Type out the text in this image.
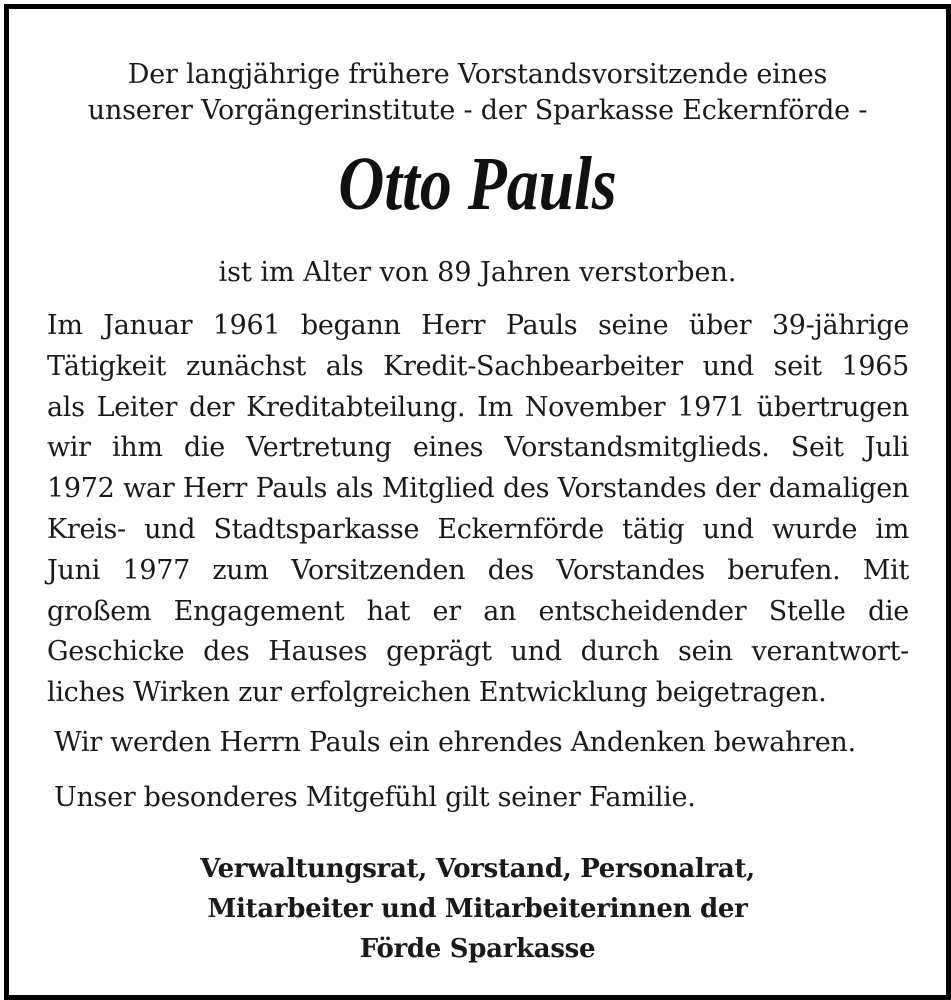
Der langjährige frühere Vorstandsvorsitzende eines
unserer Vorgängerinstitute - der Sparkasse Eckernförde -
Otto Pauls
ist im Alter von 89 Jahren verstorben.
Im Januar 1961 begann Herr Pauls seine über 39-jährige
Tätigkeit zunächst als Kredit-Sachbearbeiter und seit 1965
als Leiter der Kreditabteilung. Im November 1971 übertrugen
wir ihm die Vertretung eines Vorstandsmitglieds. Seit Juli
1972 war Herr Pauls als Mitglied des Vorstandes der damaligen
Kreis- und Stadtsparkasse Eckernförde tätig und wurde im
Juni 1977 zum Vorsitzenden des Vorstandes berufen. Mit
großem Engagement hat er an entscheidender Stelle die
Geschicke des Hauses geprägt und durch sein verantwort-
liches Wirken zur erfolgreichen Entwicklung beigetragen.
Wir werden Herrn Pauls ein ehrendes Andenken bewahren.
Unser besonderes Mitgefühl gilt seiner Familie.
Verwaltungsrat, Vorstand, Personalrat,
Mitarbeiter und Mitarbeiterinnen der
Förde Sparkasse
